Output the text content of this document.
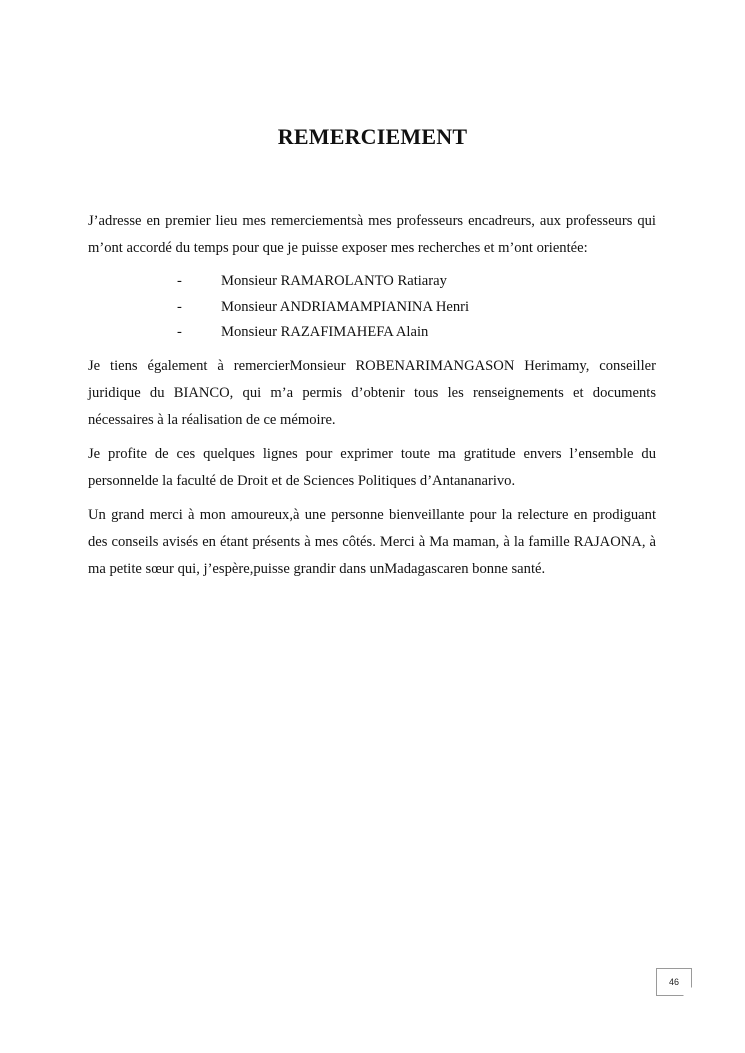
REMERCIEMENT

J’adresse en premier lieu mes remerciementsà mes professeurs encadreurs, aux professeurs qui m’ont accordé du temps pour que je puisse exposer mes recherches et m’ont orientée:

-	Monsieur RAMAROLANTO Ratiaray
-	Monsieur ANDRIAMAMPIANINA Henri
-	Monsieur RAZAFIMAHEFA Alain

Je tiens également à remercierMonsieur ROBENARIMANGASON Herimamy, conseiller juridique du BIANCO, qui m’a permis d’obtenir tous les renseignements et documents nécessaires à la réalisation de ce mémoire.

Je profite de ces quelques lignes pour exprimer toute ma gratitude envers l’ensemble du personnelde la faculté de Droit et de Sciences Politiques d’Antananarivo.

Un grand merci à mon amoureux,à une personne bienveillante pour la relecture en prodiguant des conseils avisés en étant présents à mes côtés. Merci à Ma maman, à la famille RAJAONA, à ma petite sœur qui, j’espère,puisse grandir dans unMadagascaren bonne santé.

46
